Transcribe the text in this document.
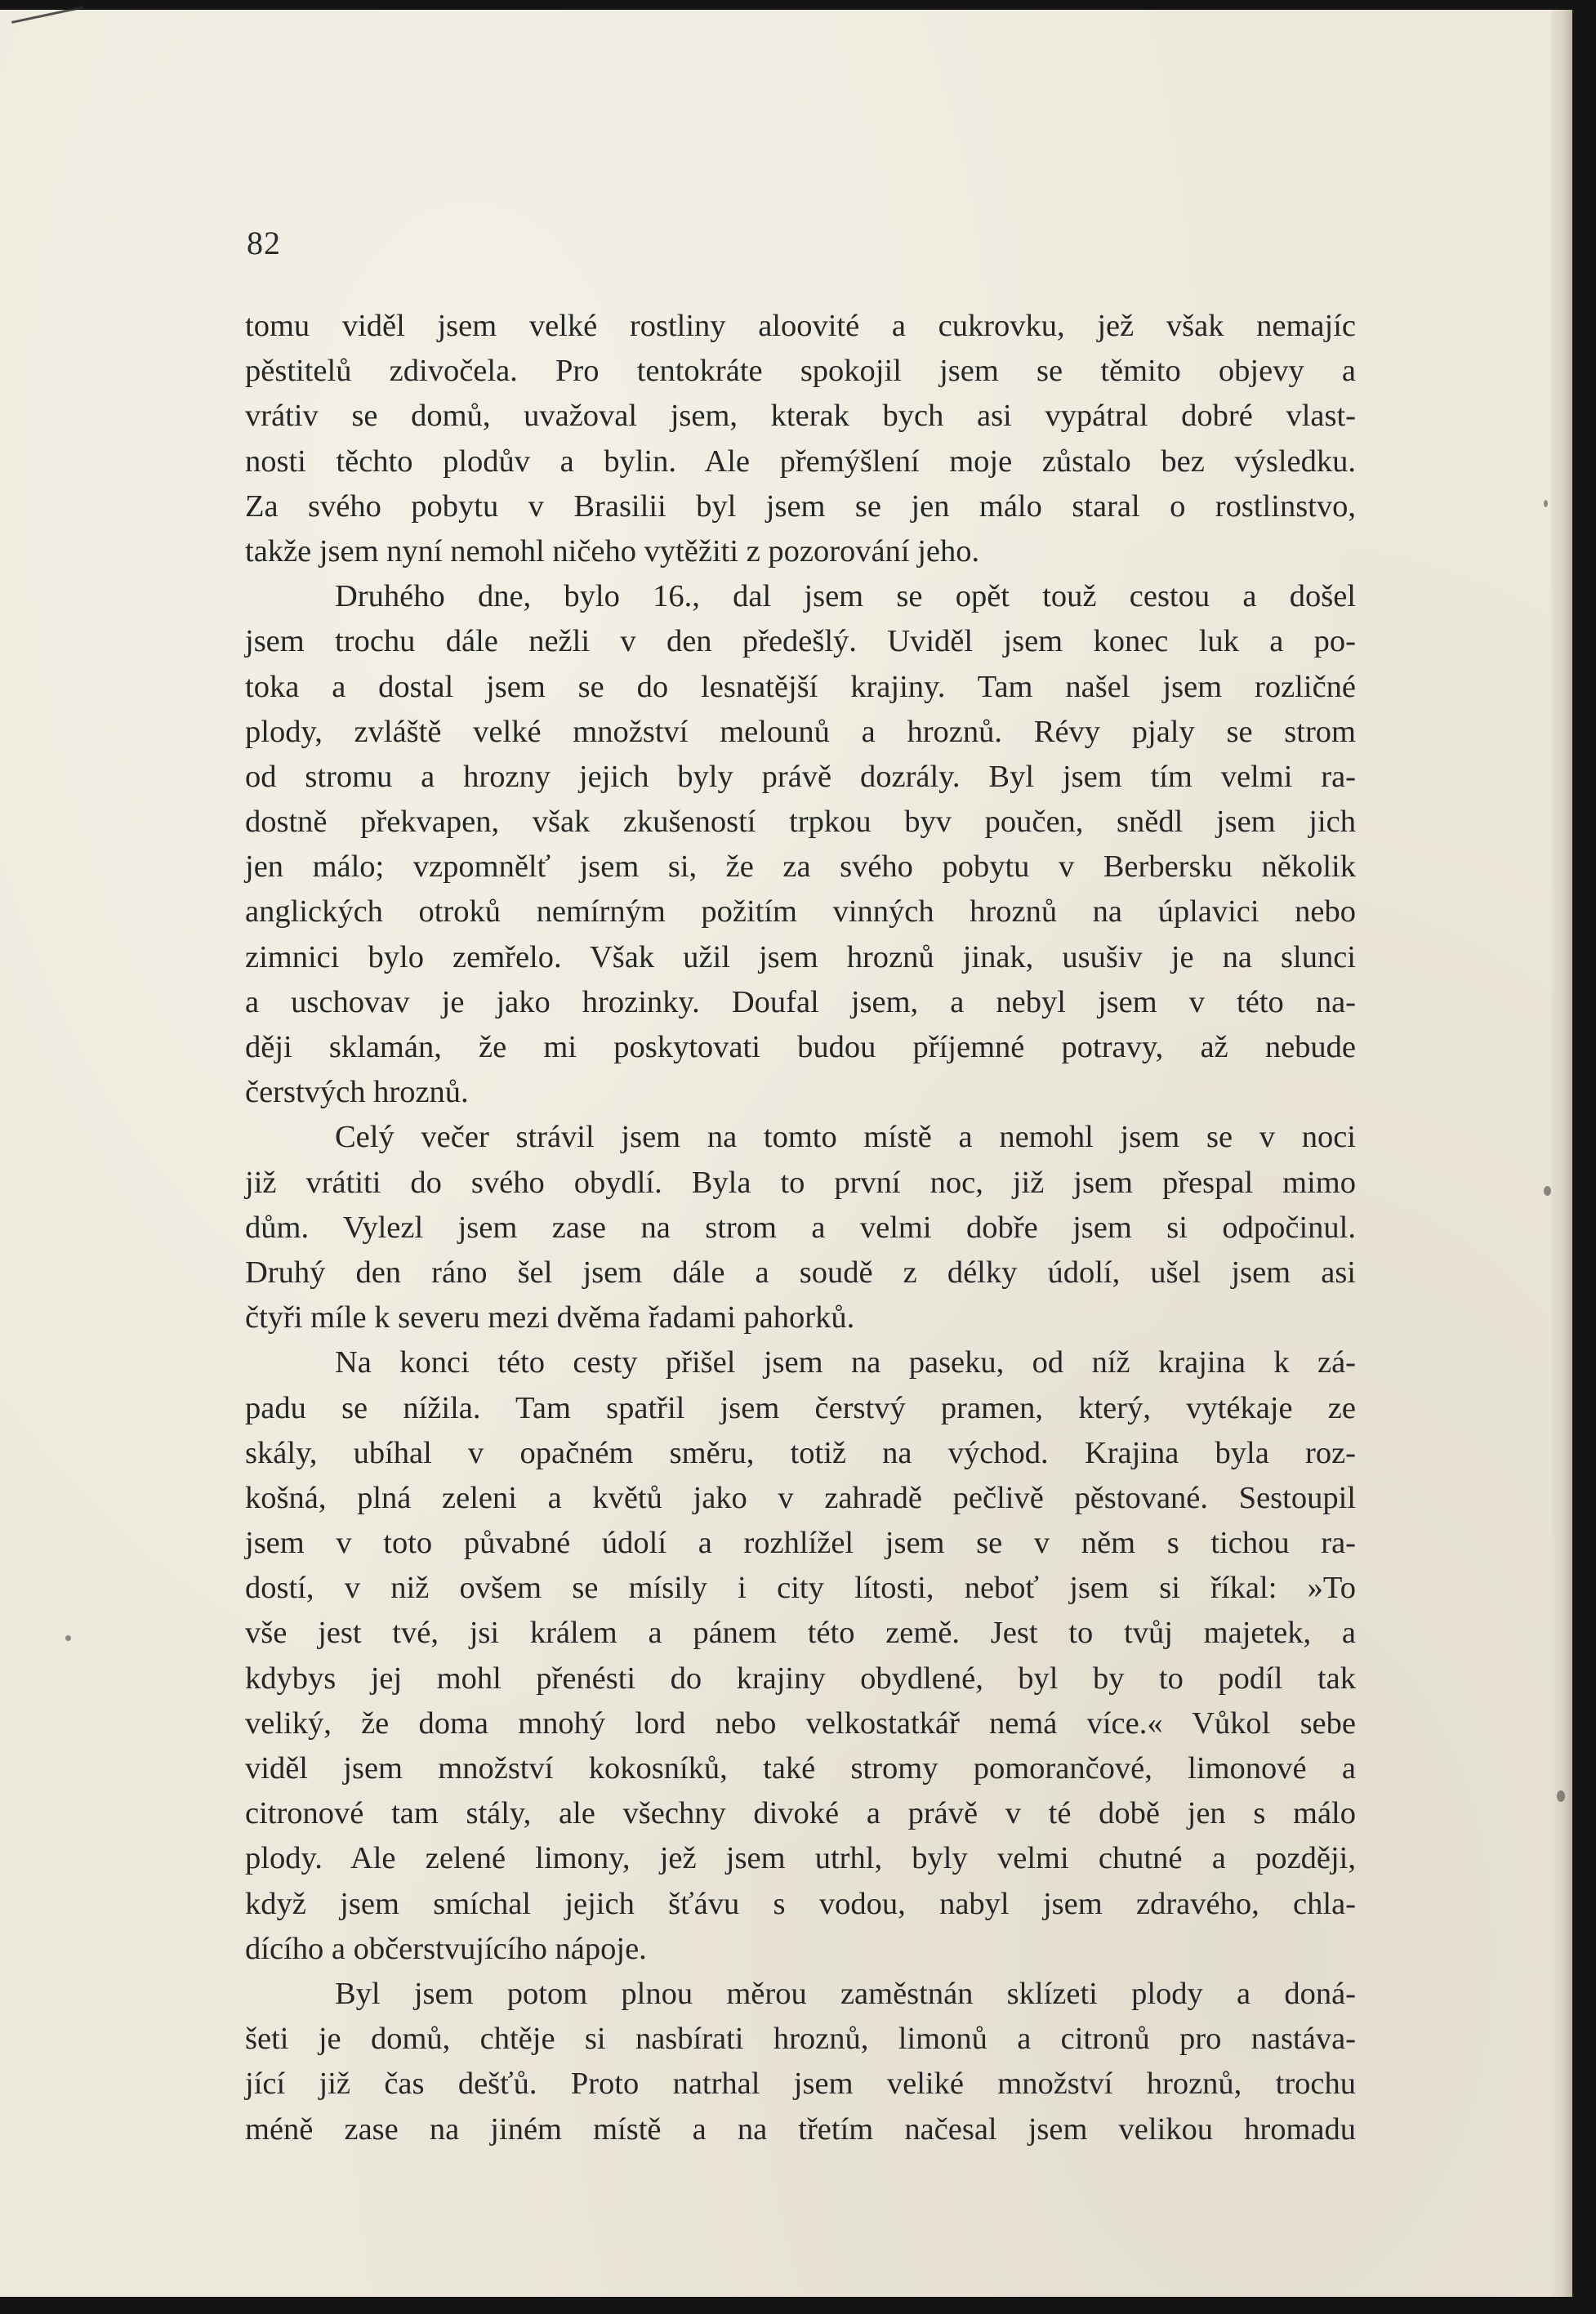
82
tomu viděl jsem velké rostliny aloovité a cukrovku, jež však nemajíc
pěstitelů zdivočela. Pro tentokráte spokojil jsem se těmito objevy a
vrátiv se domů, uvažoval jsem, kterak bych asi vypátral dobré vlast-
nosti těchto plodův a bylin. Ale přemýšlení moje zůstalo bez výsledku.
Za svého pobytu v Brasilii byl jsem se jen málo staral o rostlinstvo,
takže jsem nyní nemohl ničeho vytěžiti z pozorování jeho.
Druhého dne, bylo 16., dal jsem se opět touž cestou a došel
jsem trochu dále nežli v den předešlý. Uviděl jsem konec luk a po-
toka a dostal jsem se do lesnatější krajiny. Tam našel jsem rozličné
plody, zvláště velké množství melounů a hroznů. Révy pjaly se strom
od stromu a hrozny jejich byly právě dozrály. Byl jsem tím velmi ra-
dostně překvapen, však zkušeností trpkou byv poučen, snědl jsem jich
jen málo; vzpomnělť jsem si, že za svého pobytu v Berbersku několik
anglických otroků nemírným požitím vinných hroznů na úplavici nebo
zimnici bylo zemřelo. Však užil jsem hroznů jinak, usušiv je na slunci
a uschovav je jako hrozinky. Doufal jsem, a nebyl jsem v této na-
ději sklamán, že mi poskytovati budou příjemné potravy, až nebude
čerstvých hroznů.
Celý večer strávil jsem na tomto místě a nemohl jsem se v noci
již vrátiti do svého obydlí. Byla to první noc, již jsem přespal mimo
dům. Vylezl jsem zase na strom a velmi dobře jsem si odpočinul.
Druhý den ráno šel jsem dále a soudě z délky údolí, ušel jsem asi
čtyři míle k severu mezi dvěma řadami pahorků.
Na konci této cesty přišel jsem na paseku, od níž krajina k zá-
padu se nížila. Tam spatřil jsem čerstvý pramen, který, vytékaje ze
skály, ubíhal v opačném směru, totiž na východ. Krajina byla roz-
košná, plná zeleni a květů jako v zahradě pečlivě pěstované. Sestoupil
jsem v toto půvabné údolí a rozhlížel jsem se v něm s tichou ra-
dostí, v niž ovšem se mísily i city lítosti, neboť jsem si říkal: »To
vše jest tvé, jsi králem a pánem této země. Jest to tvůj majetek, a
kdybys jej mohl přenésti do krajiny obydlené, byl by to podíl tak
veliký, že doma mnohý lord nebo velkostatkář nemá více.« Vůkol sebe
viděl jsem množství kokosníků, také stromy pomorančové, limonové a
citronové tam stály, ale všechny divoké a právě v té době jen s málo
plody. Ale zelené limony, jež jsem utrhl, byly velmi chutné a později,
když jsem smíchal jejich šťávu s vodou, nabyl jsem zdravého, chla-
dícího a občerstvujícího nápoje.
Byl jsem potom plnou měrou zaměstnán sklízeti plody a doná-
šeti je domů, chtěje si nasbírati hroznů, limonů a citronů pro nastáva-
jící již čas dešťů. Proto natrhal jsem veliké množství hroznů, trochu
méně zase na jiném místě a na třetím načesal jsem velikou hromadu
